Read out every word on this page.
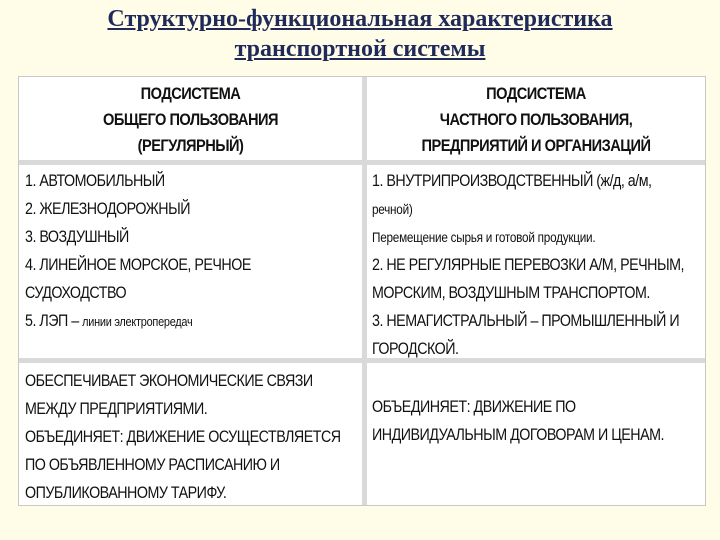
Структурно-функциональная характеристика
транспортной системы
ПОДСИСТЕМА
ОБЩЕГО ПОЛЬЗОВАНИЯ
(РЕГУЛЯРНЫЙ)
ПОДСИСТЕМА
ЧАСТНОГО ПОЛЬЗОВАНИЯ,
ПРЕДПРИЯТИЙ И ОРГАНИЗАЦИЙ
1. АВТОМОБИЛЬНЫЙ
2. ЖЕЛЕЗНОДОРОЖНЫЙ
3. ВОЗДУШНЫЙ
4. ЛИНЕЙНОЕ МОРСКОЕ, РЕЧНОЕ
СУДОХОДСТВО
5. ЛЭП – линии электропередач
1. ВНУТРИПРОИЗВОДСТВЕННЫЙ (ж/д, а/м,
речной)
Перемещение сырья и готовой продукции.
2. НЕ РЕГУЛЯРНЫЕ ПЕРЕВОЗКИ А/М, РЕЧНЫМ,
МОРСКИМ, ВОЗДУШНЫМ ТРАНСПОРТОМ.
3. НЕМАГИСТРАЛЬНЫЙ – ПРОМЫШЛЕННЫЙ И
ГОРОДСКОЙ.
ОБЕСПЕЧИВАЕТ ЭКОНОМИЧЕСКИЕ СВЯЗИ
МЕЖДУ ПРЕДПРИЯТИЯМИ.
ОБЪЕДИНЯЕТ: ДВИЖЕНИЕ ОСУЩЕСТВЛЯЕТСЯ
ПО ОБЪЯВЛЕННОМУ РАСПИСАНИЮ И
ОПУБЛИКОВАННОМУ ТАРИФУ.
ОБЪЕДИНЯЕТ: ДВИЖЕНИЕ ПО
ИНДИВИДУАЛЬНЫМ ДОГОВОРАМ И ЦЕНАМ.
